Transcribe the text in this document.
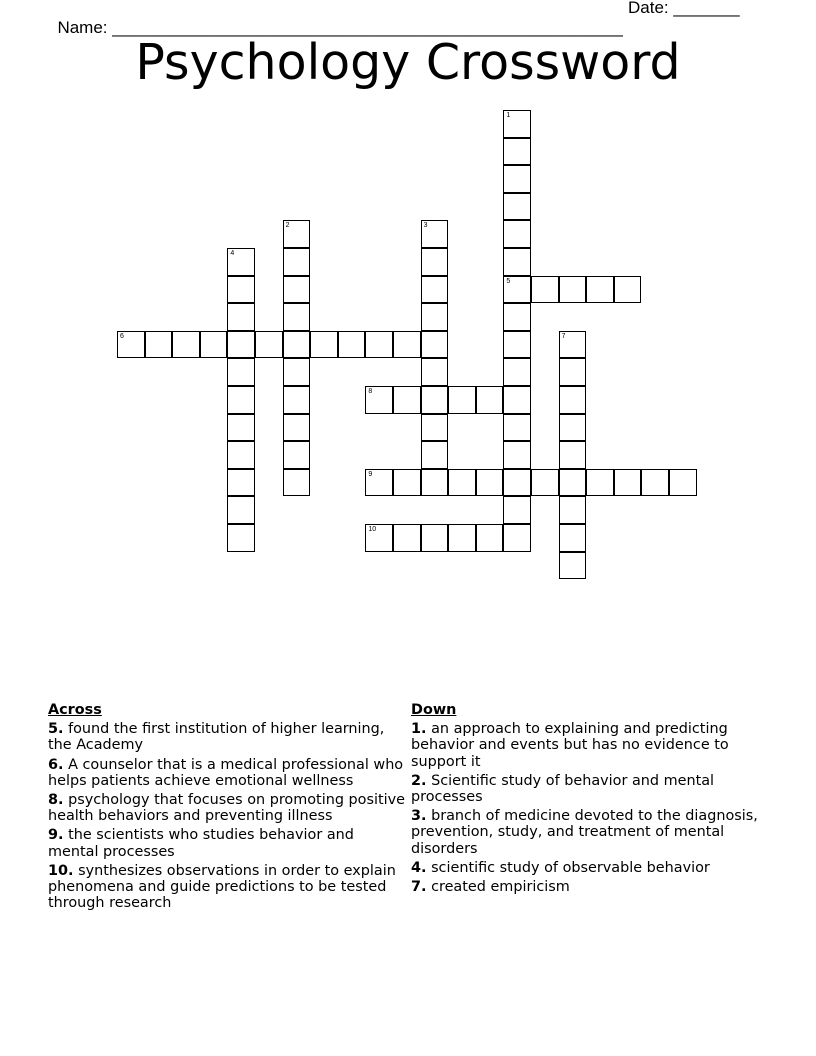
Name: ______________________________________________________

Date: _______

Psychology Crossword
1
5
2	3
4
6	7
8
9
10
Across
5. found the first institution of higher learning, the Academy
6. A counselor that is a medical professional who helps patients achieve emotional wellness
8. psychology that focuses on promoting positive health behaviors and preventing illness
9. the scientists who studies behavior and mental processes
10. synthesizes observations in order to explain phenomena and guide predictions to be tested through research
Down
1. an approach to explaining and predicting behavior and events but has no evidence to support it
2. Scientific study of behavior and mental processes
3. branch of medicine devoted to the diagnosis, prevention, study, and treatment of mental disorders
4. scientific study of observable behavior
7. created empiricism
